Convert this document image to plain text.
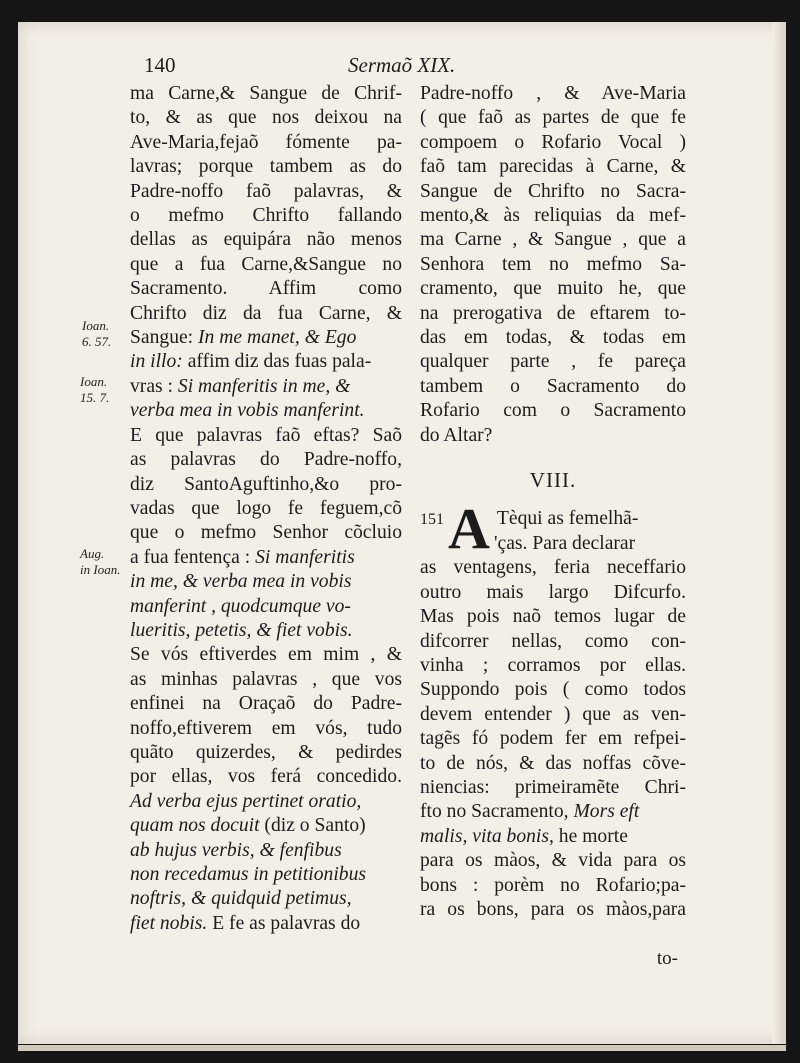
140	Sermaõ XIX.
Ioan.
6. 57.
Ioan.
15. 7.
Aug.
in Ioan.
ma Carne,& Sangue de Chrif-
to, & as que nos deixou na
Ave-Maria,fejaõ fómente pa-
lavras; porque tambem as do
Padre-noffo faõ palavras, &
o mefmo Chrifto fallando
dellas as equipára não menos
que a fua Carne,&Sangue no
Sacramento. Affim como
Chrifto diz da fua Carne, &
Sangue: In me manet, & Ego
in illo: affim diz das fuas pala-
vras : Si manferitis in me, &
verba mea in vobis manferint.
E que palavras faõ eftas? Saõ
as palavras do Padre-noffo,
diz SantoAguftinho,&o pro-
vadas que logo fe feguem,cõ
que o mefmo Senhor cõcluio
a fua fentença : Si manferitis
in me, & verba mea in vobis
manferint , quodcumque vo-
lueritis, petetis, & fiet vobis.
Se vós eftiverdes em mim , &
as minhas palavras , que vos
enfinei na Oraçaõ do Padre-
noffo,eftiverem em vós, tudo
quãto quizerdes, & pedirdes
por ellas, vos ferá concedido.
Ad verba ejus pertinet oratio,
quam nos docuit (diz o Santo)
ab hujus verbis, & fenfibus
non recedamus in petitionibus
noftris, & quidquid petimus,
fiet nobis. E fe as palavras do
Padre-noffo , & Ave-Maria
( que faõ as partes de que fe
compoem o Rofario Vocal )
faõ tam parecidas à Carne, &
Sangue de Chrifto no Sacra-
mento,& às reliquias da mef-
ma Carne , & Sangue , que a
Senhora tem no mefmo Sa-
cramento, que muito he, que
na prerogativa de eftarem to-
das em todas, & todas em
qualquer parte , fe pareça
tambem o Sacramento do
Rofario com o Sacramento
do Altar?
VIII.
A
151	Tèqui as femelhã-
'ças. Para declarar
as ventagens, feria neceffario
outro mais largo Difcurfo.
Mas pois naõ temos lugar de
difcorrer nellas, como con-
vinha ; corramos por ellas.
Suppondo pois ( como todos
devem entender ) que as ven-
tagẽs fó podem fer em refpei-
to de nós, & das noffas cõve-
niencias: primeiramẽte Chri-
fto no Sacramento, Mors eft
malis, vita bonis, he morte
para os màos, & vida para os
bons : porèm no Rofario;pa-
ra os bons, para os màos,para
to-
